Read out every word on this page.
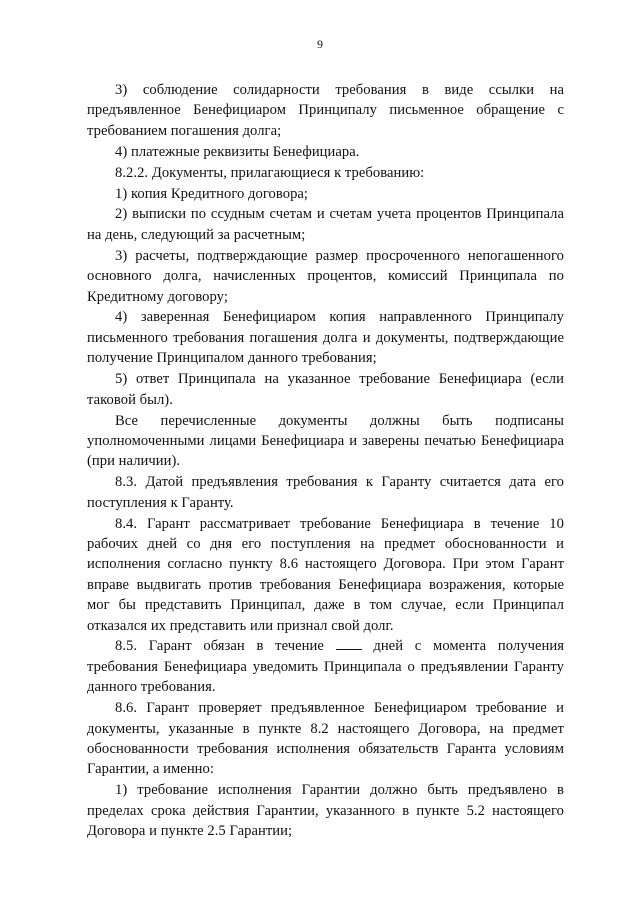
9

3) соблюдение солидарности требования в виде ссылки на предъявленное Бенефициаром Принципалу письменное обращение с требованием погашения долга;

4) платежные реквизиты Бенефициара.

8.2.2. Документы, прилагающиеся к требованию:

1) копия Кредитного договора;

2) выписки по ссудным счетам и счетам учета процентов Принципала на день, следующий за расчетным;

3) расчеты, подтверждающие размер просроченного непогашенного основного долга, начисленных процентов, комиссий Принципала по Кредитному договору;

4) заверенная Бенефициаром копия направленного Принципалу письменного требования погашения долга и документы, подтверждающие получение Принципалом данного требования;

5) ответ Принципала на указанное требование Бенефициара (если таковой был).

Все перечисленные документы должны быть подписаны уполномоченными лицами Бенефициара и заверены печатью Бенефициара (при наличии).

8.3. Датой предъявления требования к Гаранту считается дата его поступления к Гаранту.

8.4. Гарант рассматривает требование Бенефициара в течение 10 рабочих дней со дня его поступления на предмет обоснованности и исполнения согласно пункту 8.6 настоящего Договора. При этом Гарант вправе выдвигать против требования Бенефициара возражения, которые мог бы представить Принципал, даже в том случае, если Принципал отказался их представить или признал свой долг.

8.5. Гарант обязан в течение  дней с момента получения требования Бенефициара уведомить Принципала о предъявлении Гаранту данного требования.

8.6. Гарант проверяет предъявленное Бенефициаром требование и документы, указанные в пункте 8.2 настоящего Договора, на предмет обоснованности требования исполнения обязательств Гаранта условиям Гарантии, а именно:

1) требование исполнения Гарантии должно быть предъявлено в пределах срока действия Гарантии, указанного в пункте 5.2 настоящего Договора и пункте 2.5 Гарантии;
